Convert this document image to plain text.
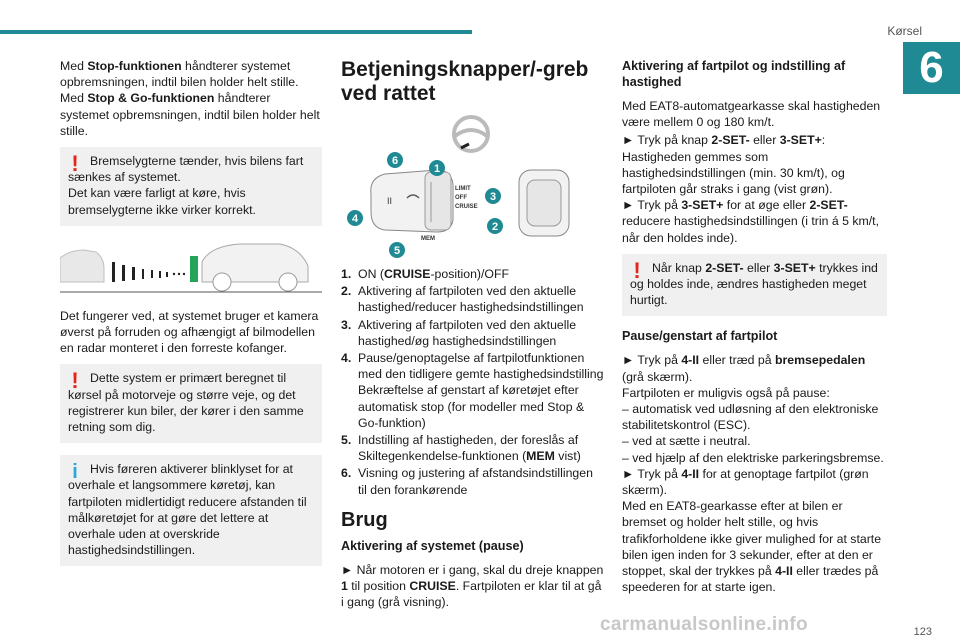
Kørsel
6

Med Stop-funktionen håndterer systemet opbremsningen, indtil bilen holder helt stille.
Med Stop & Go-funktionen håndterer systemet opbremsningen, indtil bilen holder helt stille.

! Bremselygterne tænder, hvis bilens fart sænkes af systemet.
Det kan være farligt at køre, hvis bremselygterne ikke virker korrekt.

Det fungerer ved, at systemet bruger et kamera øverst på forruden og afhængigt af bilmodellen en radar monteret i den forreste kofanger.

! Dette system er primært beregnet til kørsel på motorveje og større veje, og det registrerer kun biler, der kører i den samme retning som dig.
i Hvis føreren aktiverer blinklyset for at overhale et langsommere køretøj, kan fartpiloten midlertidigt reducere afstanden til målkøretøjet for at gøre det lettere at overhale uden at overskride hastighedsindstillingen.
Betjeningsknapper/-greb ved rattet
II
LIMIT
OFF
CRUISE
MEM
1
2
3
4
5
6
1. ON (CRUISE-position)/OFF
2. Aktivering af fartpiloten ved den aktuelle hastighed/reducer hastighedsindstillingen
3. Aktivering af fartpiloten ved den aktuelle hastighed/øg hastighedsindstillingen
4. Pause/genoptagelse af fartpilotfunktionen med den tidligere gemte hastighedsindstilling Bekræftelse af genstart af køretøjet efter automatisk stop (for modeller med Stop & Go-funktion)
5. Indstilling af hastigheden, der foreslås af Skiltegenkendelse-funktionen (MEM vist)
6. Visning og justering af afstandsindstillingen til den forankørende
Brug
Aktivering af systemet (pause)

► Når motoren er i gang, skal du dreje knappen 1 til position CRUISE. Fartpiloten er klar til at gå i gang (grå visning).

Aktivering af fartpilot og indstilling af hastighed

Med EAT8-automatgearkasse skal hastigheden være mellem 0 og 180 km/t.

► Tryk på knap 2-SET- eller 3-SET+: Hastigheden gemmes som hastighedsindstillingen (min. 30 km/t), og fartpiloten går straks i gang (vist grøn).

► Tryk på 3-SET+ for at øge eller 2-SET- reducere hastighedsindstillingen (i trin á 5 km/t, når den holdes inde).

! Når knap 2-SET- eller 3-SET+ trykkes ind og holdes inde, ændres hastigheden meget hurtigt.
Pause/genstart af fartpilot

► Tryk på 4-II eller træd på bremsepedalen (grå skærm).
Fartpiloten er muligvis også på pause:
– automatisk ved udløsning af den elektroniske stabilitetskontrol (ESC).
– ved at sætte i neutral.
– ved hjælp af den elektriske parkeringsbremse.
► Tryk på 4-II for at genoptage fartpilot (grøn skærm).
Med en EAT8-gearkasse efter at bilen er bremset og holder helt stille, og hvis trafikforholdene ikke giver mulighed for at starte bilen igen inden for 3 sekunder, efter at den er stoppet, skal der trykkes på 4-II eller trædes på speederen for at starte igen.

carmanualsonline.info	123
